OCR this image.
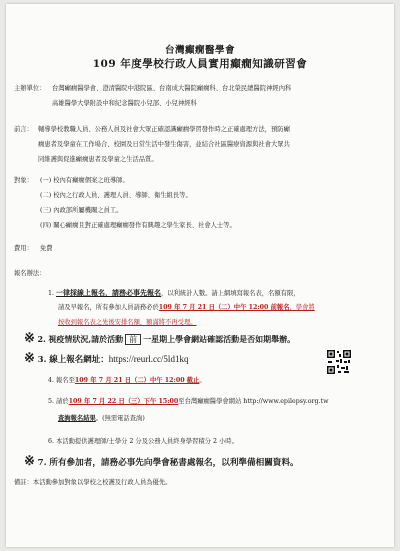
台灣癲癇醫學會
109 年度學校行政人員實用癲癇知識研習會
主辦單位： 台灣癲癇醫學會、澄清醫院中港院區、台南成大醫院癲癇科、台北榮民總醫院神經內科
高雄醫學大學附設中和紀念醫院小兒部、小兒神經科
前言： 輔導學校教職人員、公務人員及社會大眾正確認識癲癇學習發作時之正確處理方法，預防癲
癇患者及學童在工作場合、校園及日常生活中發生傷害，並結合社區醫療資源與社會大眾共
同維護與促進癲癇患者及學童之生活品質。
對象： (一) 校內有癲癇個案之班導師。
(二) 校內之行政人員、護理人員、導師、衛生組長等。
(三) 內政部所屬機關之員工。
(四) 關心癲癇且對正確處理癲癇發作有興趣之學生家長、社會人士等。
費用： 免費
報名辦法：
1. 一律採線上報名，請務必事先報名，以利統計人數。請上網填寫報名表，名額有限，
請及早報名，所有參加人員請務必於109 年 7 月 21 日（二）中午 12:00 前報名，學會將
按收到報名表之先後安排名額，額滿將不再受理。
※ 2. 視疫情狀況,請於活動 前 一星期上學會網站確認活動是否如期舉辦。
※ 3. 線上報名網址：https://reurl.cc/5ld1kq
4. 報名至109 年 7 月 21 日（二）中午 12:00 截止。
5. 請於109 年 7 月 22 日（三）下午 15:00至台灣癲癇醫學會網站 http://www.epilepsy.org.tw
查詢報名結果。(無需電話查詢)
6. 本活動提供護理師/士學分 2 分及公務人員終身學習積分 2 小時。
※ 7. 所有參加者，請務必事先向學會秘書處報名，以利準備相關資料。
備註：本活動參加對象以學校之校護及行政人員為優先。
